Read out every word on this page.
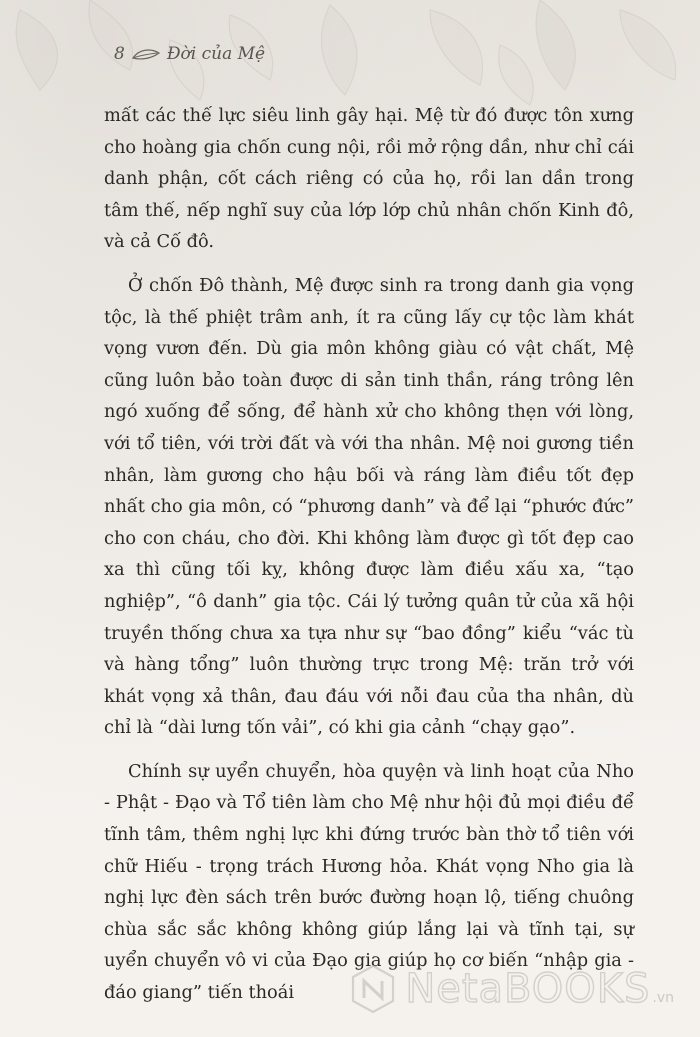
8 Đời của Mệ

mất các thế lực siêu linh gây hại. Mệ từ đó được tôn xưng cho hoàng gia chốn cung nội, rồi mở rộng dần, như chỉ cái danh phận, cốt cách riêng có của họ, rồi lan dần trong tâm thế, nếp nghĩ suy của lớp lớp chủ nhân chốn Kinh đô, và cả Cố đô.

Ở chốn Đô thành, Mệ được sinh ra trong danh gia vọng tộc, là thế phiệt trâm anh, ít ra cũng lấy cự tộc làm khát vọng vươn đến. Dù gia môn không giàu có vật chất, Mệ cũng luôn bảo toàn được di sản tinh thần, ráng trông lên ngó xuống để sống, để hành xử cho không thẹn với lòng, với tổ tiên, với trời đất và với tha nhân. Mệ noi gương tiền nhân, làm gương cho hậu bối và ráng làm điều tốt đẹp nhất cho gia môn, có “phương danh” và để lại “phước đức” cho con cháu, cho đời. Khi không làm được gì tốt đẹp cao xa thì cũng tối kỵ, không được làm điều xấu xa, “tạo nghiệp”, “ô danh” gia tộc. Cái lý tưởng quân tử của xã hội truyền thống chưa xa tựa như sự “bao đồng” kiểu “vác tù và hàng tổng” luôn thường trực trong Mệ: trăn trở với khát vọng xả thân, đau đáu với nỗi đau của tha nhân, dù chỉ là “dài lưng tốn vải”, có khi gia cảnh “chạy gạo”.

Chính sự uyển chuyển, hòa quyện và linh hoạt của Nho - Phật - Đạo và Tổ tiên làm cho Mệ như hội đủ mọi điều để tĩnh tâm, thêm nghị lực khi đứng trước bàn thờ tổ tiên với chữ Hiếu - trọng trách Hương hỏa. Khát vọng Nho gia là nghị lực đèn sách trên bước đường hoạn lộ, tiếng chuông chùa sắc sắc không không giúp lắng lại và tĩnh tại, sự uyển chuyển vô vi của Đạo gia giúp họ cơ biến “nhập gia - đáo giang” tiến thoái	NetaBOOKS .vn
